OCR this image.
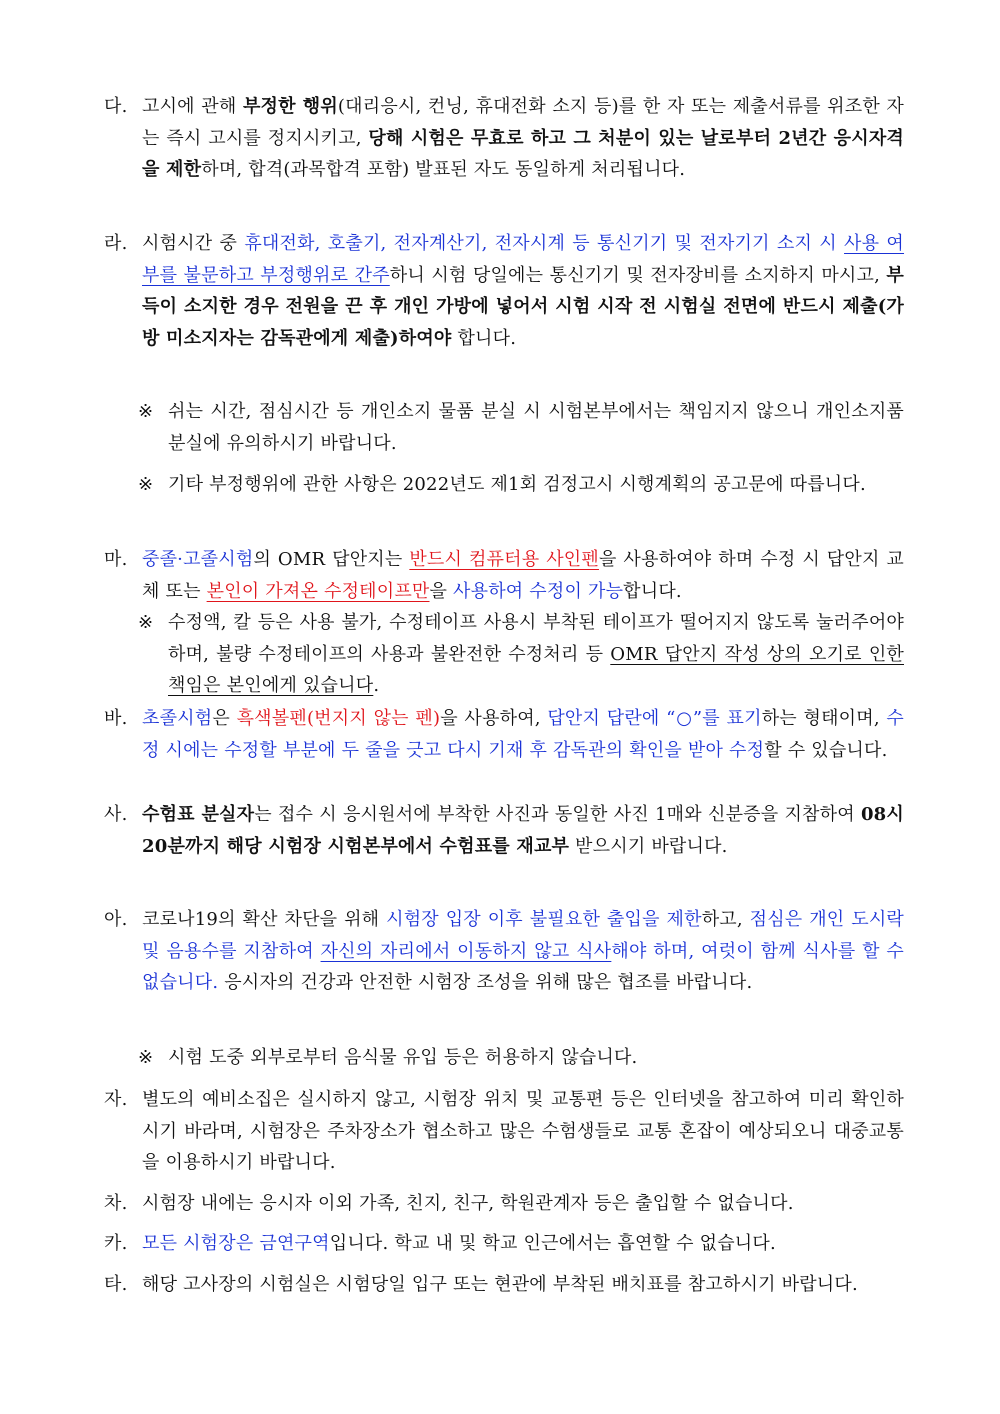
다. 고시에 관해 부정한 행위(대리응시, 컨닝, 휴대전화 소지 등)를 한 자 또는 제출서류를 위조한 자는 즉시 고시를 정지시키고, 당해 시험은 무효로 하고 그 처분이 있는 날로부터 2년간 응시자격을 제한하며, 합격(과목합격 포함) 발표된 자도 동일하게 처리됩니다.
라. 시험시간 중 휴대전화, 호출기, 전자계산기, 전자시계 등 통신기기 및 전자기기 소지 시 사용 여부를 불문하고 부정행위로 간주하니 시험 당일에는 통신기기 및 전자장비를 소지하지 마시고, 부득이 소지한 경우 전원을 끈 후 개인 가방에 넣어서 시험 시작 전 시험실 전면에 반드시 제출(가방 미소지자는 감독관에게 제출)하여야 합니다.
※ 쉬는 시간, 점심시간 등 개인소지 물품 분실 시 시험본부에서는 책임지지 않으니 개인소지품 분실에 유의하시기 바랍니다.
※ 기타 부정행위에 관한 사항은 2022년도 제1회 검정고시 시행계획의 공고문에 따릅니다.
마. 중졸·고졸시험의 OMR 답안지는 반드시 컴퓨터용 사인펜을 사용하여야 하며 수정 시 답안지 교체 또는 본인이 가져온 수정테이프만을 사용하여 수정이 가능합니다.
※ 수정액, 칼 등은 사용 불가, 수정테이프 사용시 부착된 테이프가 떨어지지 않도록 눌러주어야 하며, 불량 수정테이프의 사용과 불완전한 수정처리 등 OMR 답안지 작성 상의 오기로 인한 책임은 본인에게 있습니다.
바. 초졸시험은 흑색볼펜(번지지 않는 펜)을 사용하여, 답안지 답란에 “○”를 표기하는 형태이며, 수정 시에는 수정할 부분에 두 줄을 긋고 다시 기재 후 감독관의 확인을 받아 수정할 수 있습니다.
사. 수험표 분실자는 접수 시 응시원서에 부착한 사진과 동일한 사진 1매와 신분증을 지참하여 08시 20분까지 해당 시험장 시험본부에서 수험표를 재교부 받으시기 바랍니다.
아. 코로나19의 확산 차단을 위해 시험장 입장 이후 불필요한 출입을 제한하고, 점심은 개인 도시락 및 음용수를 지참하여 자신의 자리에서 이동하지 않고 식사해야 하며, 여럿이 함께 식사를 할 수 없습니다. 응시자의 건강과 안전한 시험장 조성을 위해 많은 협조를 바랍니다.
※ 시험 도중 외부로부터 음식물 유입 등은 허용하지 않습니다.
자. 별도의 예비소집은 실시하지 않고, 시험장 위치 및 교통편 등은 인터넷을 참고하여 미리 확인하시기 바라며, 시험장은 주차장소가 협소하고 많은 수험생들로 교통 혼잡이 예상되오니 대중교통을 이용하시기 바랍니다.
차. 시험장 내에는 응시자 이외 가족, 친지, 친구, 학원관계자 등은 출입할 수 없습니다.
카. 모든 시험장은 금연구역입니다. 학교 내 및 학교 인근에서는 흡연할 수 없습니다.
타. 해당 고사장의 시험실은 시험당일 입구 또는 현관에 부착된 배치표를 참고하시기 바랍니다.
